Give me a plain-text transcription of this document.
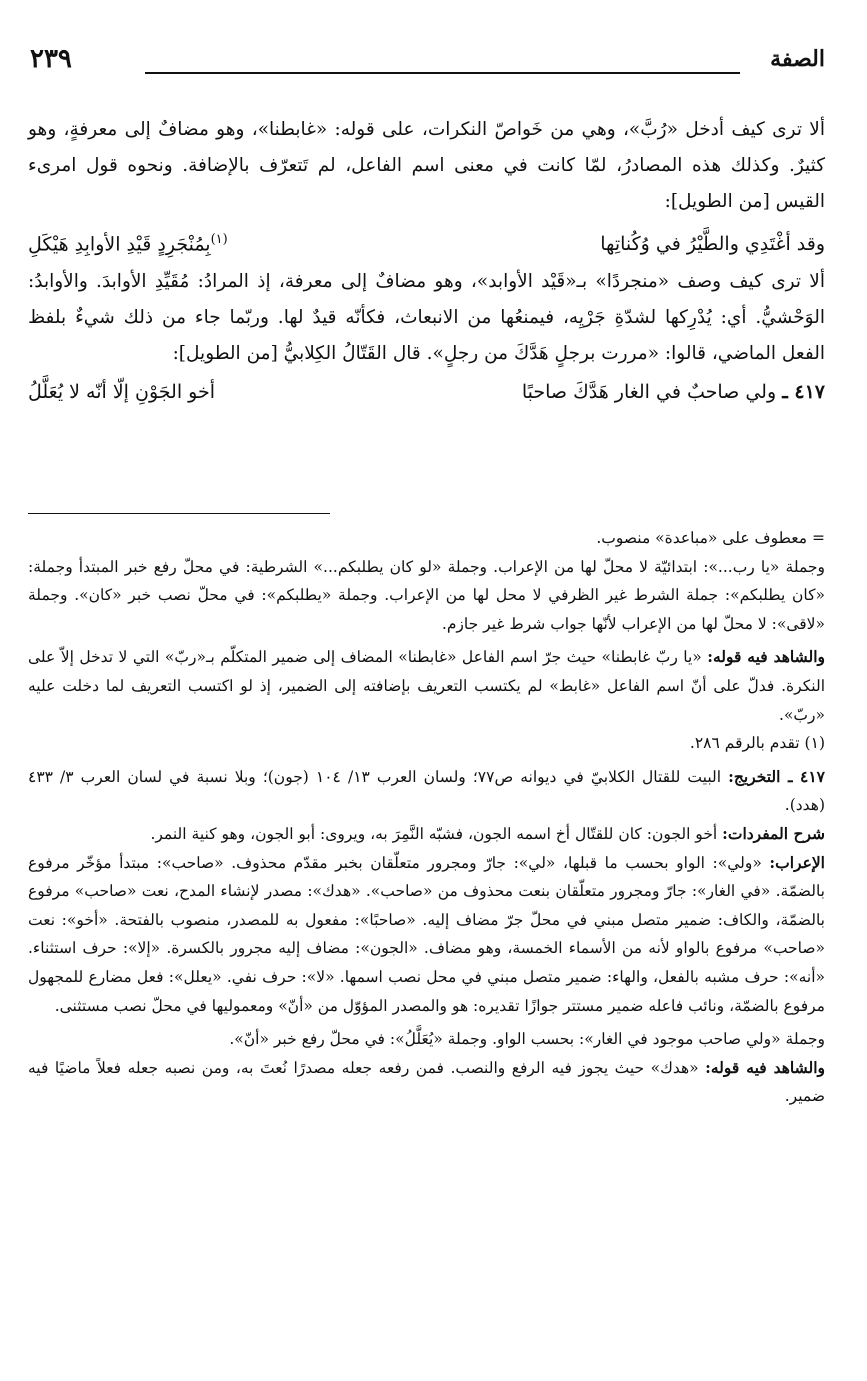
الصفة
٢٣٩

ألا ترى كيف أدخل «رُبَّ»، وهي من خَواصّ النكرات، على قوله: «غابطنا»، وهو مضافٌ إلى معرفةٍ، وهو كثيرٌ. وكذلك هذه المصادرُ، لمّا كانت في معنى اسم الفاعل، لم تَتعرّف بالإضافة. ونحوه قول امرىء القيس [من الطويل]:

وقد أغْتَدِي والطَّيْرُ في وُكُناتِها
$^{(١)}$بِمُنْجَرِدٍ قَيْدِ الأوابِدِ هَيْكَلِ

ألا ترى كيف وصف «منجردًا» بـ«قَيْد الأوابد»، وهو مضافٌ إلى معرفة، إذ المرادُ: مُقَيِّدِ الأوابدَ. والأوابدُ: الوَحْشيُّ. أي: يُدْرِكها لشدّةِ جَرْيِه، فيمنعُها من الانبعاث، فكأنّه قيدٌ لها. وربّما جاء من ذلك شيءٌ بلفظ الفعل الماضي، قالوا: «مررت برجلٍ هَدَّكَ من رجلٍ». قال القَتّالُ الكِلابيُّ [من الطويل]:

٤١٧ ـ ولي صاحبٌ في الغار هَدَّكَ صاحبًا
أخو الجَوْنِ إلّا أنّه لا يُعَلَّلُ

= معطوف على «مباعدة» منصوب.

وجملة «يا رب...»: ابتدائيّة لا محلّ لها من الإعراب. وجملة «لو كان يطلبكم...» الشرطية: في محلّ رفع خبر المبتدأ وجملة: «كان يطلبكم»: جملة الشرط غير الظرفي لا محل لها من الإعراب. وجملة «يطلبكم»: في محلّ نصب خبر «كان». وجملة «لاقى»: لا محلّ لها من الإعراب لأنّها جواب شرط غير جازم.

والشاهد فيه قوله: «يا ربّ غابطنا» حيث جرّ اسم الفاعل «غابطنا» المضاف إلى ضمير المتكلّم بـ«ربّ» التي لا تدخل إلاّ على النكرة. فدلّ على أنّ اسم الفاعل «غابط» لم يكتسب التعريف بإضافته إلى الضمير، إذ لو اكتسب التعريف لما دخلت عليه «ربّ».

(١) تقدم بالرقم ٢٨٦.

٤١٧ ـ التخريج: البيت للقتال الكلابيّ في ديوانه ص٧٧؛ ولسان العرب ١٣/ ١٠٤ (جون)؛ وبلا نسبة في لسان العرب ٣/ ٤٣٣ (هدد).

شرح المفردات: أخو الجون: كان للقتّال أخ اسمه الجون، فشبّه النَّمِرَ به، ويروى: أبو الجون، وهو كنية النمر.

الإعراب: «ولي»: الواو بحسب ما قبلها، «لي»: جارّ ومجرور متعلّقان بخبر مقدّم محذوف. «صاحب»: مبتدأ مؤخّر مرفوع بالضمّة. «في الغار»: جارّ ومجرور متعلّقان بنعت محذوف من «صاحب». «هدك»: مصدر لإنشاء المدح، نعت «صاحب» مرفوع بالضمّة، والكاف: ضمير متصل مبني في محلّ جرّ مضاف إليه. «صاحبًا»: مفعول به للمصدر، منصوب بالفتحة. «أخو»: نعت «صاحب» مرفوع بالواو لأنه من الأسماء الخمسة، وهو مضاف. «الجون»: مضاف إليه مجرور بالكسرة. «إلا»: حرف استثناء. «أنه»: حرف مشبه بالفعل، والهاء: ضمير متصل مبني في محل نصب اسمها. «لا»: حرف نفي. «يعلل»: فعل مضارع للمجهول مرفوع بالضمّة، ونائب فاعله ضمير مستتر جوازًا تقديره: هو والمصدر المؤوّل من «أنّ» ومعموليها في محلّ نصب مستثنى.

وجملة «ولي صاحب موجود في الغار»: بحسب الواو. وجملة «يُعَلَّلُ»: في محلّ رفع خبر «أنّ».

والشاهد فيه قوله: «هدك» حيث يجوز فيه الرفع والنصب. فمن رفعه جعله مصدرًا نُعتَ به، ومن نصبه جعله فعلاً ماضيًا فيه ضمير.
